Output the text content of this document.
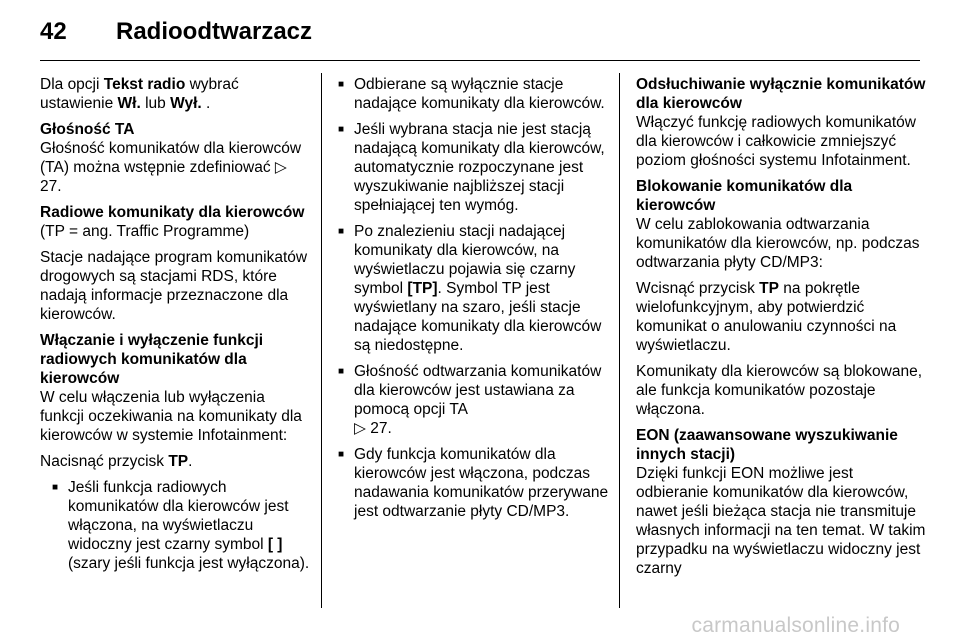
42	Radioodtwarzacz

Dla opcji Tekst radio wybrać ustawienie Wł. lub Wył. .

Głośność TA

Głośność komunikatów dla kierowców (TA) można wstępnie zdefiniować ▷ 27.

Radiowe komunikaty dla kierowców

(TP = ang. Traffic Programme)

Stacje nadające program komunikatów drogowych są stacjami RDS, które nadają informacje przeznaczone dla kierowców.

Włączanie i wyłączenie funkcji radiowych komunikatów dla kierowców

W celu włączenia lub wyłączenia funkcji oczekiwania na komunikaty dla kierowców w systemie Infotainment:

Nacisnąć przycisk TP.

■ Jeśli funkcja radiowych komunikatów dla kierowców jest włączona, na wyświetlaczu widoczny jest czarny symbol [ ] (szary jeśli funkcja jest wyłączona).
■ Odbierane są wyłącznie stacje nadające komunikaty dla kierowców.
■ Jeśli wybrana stacja nie jest stacją nadającą komunikaty dla kierowców, automatycznie rozpoczynane jest wyszukiwanie najbliższej stacji spełniającej ten wymóg.
■ Po znalezieniu stacji nadającej komunikaty dla kierowców, na wyświetlaczu pojawia się czarny symbol [TP]. Symbol TP jest wyświetlany na szaro, jeśli stacje nadające komunikaty dla kierowców są niedostępne.
■ Głośność odtwarzania komunikatów dla kierowców jest ustawiana za pomocą opcji TA
▷ 27.
■ Gdy funkcja komunikatów dla kierowców jest włączona, podczas nadawania komunikatów przerywane jest odtwarzanie płyty CD/MP3.

Odsłuchiwanie wyłącznie komunikatów dla kierowców

Włączyć funkcję radiowych komunikatów dla kierowców i całkowicie zmniejszyć poziom głośności systemu Infotainment.

Blokowanie komunikatów dla kierowców

W celu zablokowania odtwarzania komunikatów dla kierowców, np. podczas odtwarzania płyty CD/MP3:

Wcisnąć przycisk TP na pokrętle wielofunkcyjnym, aby potwierdzić komunikat o anulowaniu czynności na wyświetlaczu.

Komunikaty dla kierowców są blokowane, ale funkcja komunikatów pozostaje włączona.

EON (zaawansowane wyszukiwanie innych stacji)

Dzięki funkcji EON możliwe jest odbieranie komunikatów dla kierowców, nawet jeśli bieżąca stacja nie transmituje własnych informacji na ten temat. W takim przypadku na wyświetlaczu widoczny jest czarny

carmanualsonline.info
